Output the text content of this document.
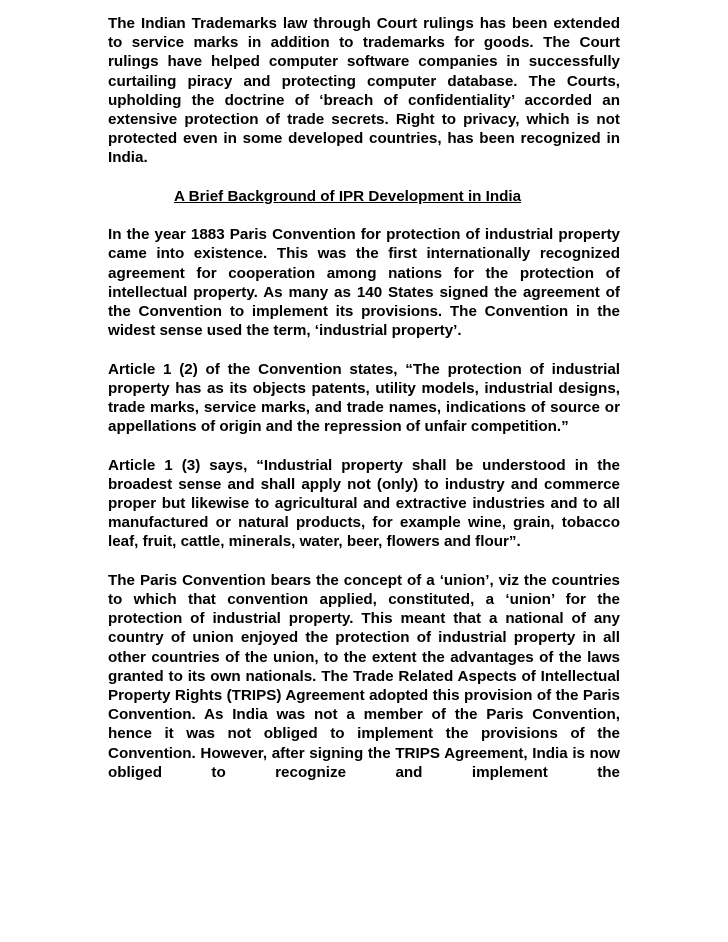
The Indian Trademarks law through Court rulings has been extended to service marks in addition to trademarks for goods. The Court rulings have helped computer software companies in successfully curtailing piracy and protecting computer database. The Courts, upholding the doctrine of ‘breach of confidentiality’ accorded an extensive protection of trade secrets. Right to privacy, which is not protected even in some developed countries, has been recognized in India.

A Brief Background of IPR Development in India

In the year 1883 Paris Convention for protection of industrial property came into existence. This was the first internationally recognized agreement for cooperation among nations for the protection of intellectual property. As many as 140 States signed the agreement of the Convention to implement its provisions. The Convention in the widest sense used the term, ‘industrial property’.

Article 1 (2) of the Convention states, “The protection of industrial property has as its objects patents, utility models, industrial designs, trade marks, service marks, and trade names, indications of source or appellations of origin and the repression of unfair competition.”

Article 1 (3) says, “Industrial property shall be understood in the broadest sense and shall apply not (only) to industry and commerce proper but likewise to agricultural and extractive industries and to all manufactured or natural products, for example wine, grain, tobacco leaf, fruit, cattle, minerals, water, beer, flowers and flour”.

The Paris Convention bears the concept of a ‘union’, viz the countries to which that convention applied, constituted, a ‘union’ for the protection of industrial property. This meant that a national of any country of union enjoyed the protection of industrial property in all other countries of the union, to the extent the advantages of the laws granted to its own nationals. The Trade Related Aspects of Intellectual Property Rights (TRIPS) Agreement adopted this provision of the Paris Convention. As India was not a member of the Paris Convention, hence it was not obliged to implement the provisions of the Convention. However, after signing the TRIPS Agreement, India is now obliged to recognize and implement the
